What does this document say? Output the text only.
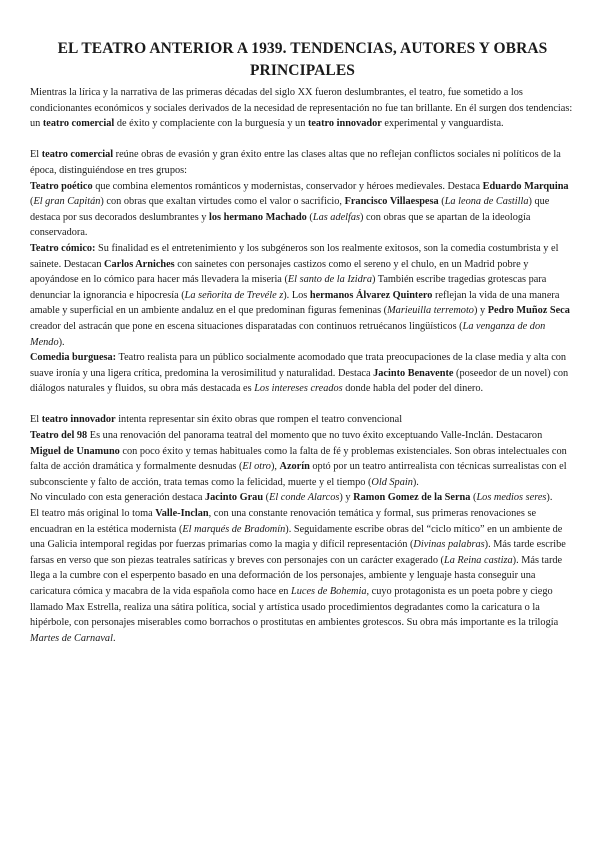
EL TEATRO ANTERIOR A 1939. TENDENCIAS, AUTORES Y OBRAS PRINCIPALES

Mientras la lírica y la narrativa de las primeras décadas del siglo XX fueron deslumbrantes, el teatro, fue sometido a los condicionantes económicos y sociales derivados de la necesidad de representación no fue tan brillante. En él surgen dos tendencias: un teatro comercial de éxito y complaciente con la burguesía y un teatro innovador experimental y vanguardista.

El teatro comercial reúne obras de evasión y gran éxito entre las clases altas que no reflejan conflictos sociales ni políticos de la época, distinguiéndose en tres grupos:

Teatro poético que combina elementos románticos y modernistas, conservador y héroes medievales. Destaca Eduardo Marquina (El gran Capitán) con obras que exaltan virtudes como el valor o sacrificio, Francisco Villaespesa (La leona de Castilla) que destaca por sus decorados deslumbrantes y los hermano Machado (Las adelfas) con obras que se apartan de la ideología conservadora.

Teatro cómico: Su finalidad es el entretenimiento y los subgéneros son los realmente exitosos, son la comedia costumbrista y el sainete. Destacan Carlos Arniches con sainetes con personajes castizos como el sereno y el chulo, en un Madrid pobre y apoyándose en lo cómico para hacer más llevadera la miseria (El santo de la Izidra) También escribe tragedias grotescas para denunciar la ignorancia e hipocresía (La señorita de Trevéle z). Los hermanos Álvarez Quintero reflejan la vida de una manera amable y superficial en un ambiente andaluz en el que predominan figuras femeninas (Marieuilla terremoto) y Pedro Muñoz Seca creador del astracán que pone en escena situaciones disparatadas con continuos retruécanos lingüísticos (La venganza de don Mendo).

Comedia burguesa: Teatro realista para un público socialmente acomodado que trata preocupaciones de la clase media y alta con suave ironía y una ligera crítica, predomina la verosimilitud y naturalidad. Destaca Jacinto Benavente (poseedor de un novel) con diálogos naturales y fluidos, su obra más destacada es Los intereses creados donde habla del poder del dinero.

El teatro innovador intenta representar sin éxito obras que rompen el teatro convencional

Teatro del 98 Es una renovación del panorama teatral del momento que no tuvo éxito exceptuando Valle-Inclán. Destacaron Miguel de Unamuno con poco éxito y temas habituales como la falta de fé y problemas existenciales. Son obras intelectuales con falta de acción dramática y formalmente desnudas (El otro), Azorín optó por un teatro antirrealista con técnicas surrealistas con el subconsciente y falto de acción, trata temas como la felicidad, muerte y el tiempo (Old Spain).

No vinculado con esta generación destaca Jacinto Grau (El conde Alarcos) y Ramon Gomez de la Serna (Los medios seres).

El teatro más original lo toma Valle-Inclan, con una constante renovación temática y formal, sus primeras renovaciones se encuadran en la estética modernista (El marqués de Bradomín). Seguidamente escribe obras del “ciclo mítico” en un ambiente de una Galicia intemporal regidas por fuerzas primarias como la magia y difícil representación (Divinas palabras). Más tarde escribe farsas en verso que son piezas teatrales satíricas y breves con personajes con un carácter exagerado (La Reina castiza). Más tarde llega a la cumbre con el esperpento basado en una deformación de los personajes, ambiente y lenguaje hasta conseguir una caricatura cómica y macabra de la vida española como hace en Luces de Bohemia, cuyo protagonista es un poeta pobre y ciego llamado Max Estrella, realiza una sátira política, social y artística usado procedimientos degradantes como la caricatura o la hipérbole, con personajes miserables como borrachos o prostitutas en ambientes grotescos. Su obra más importante es la trilogía Martes de Carnaval.
